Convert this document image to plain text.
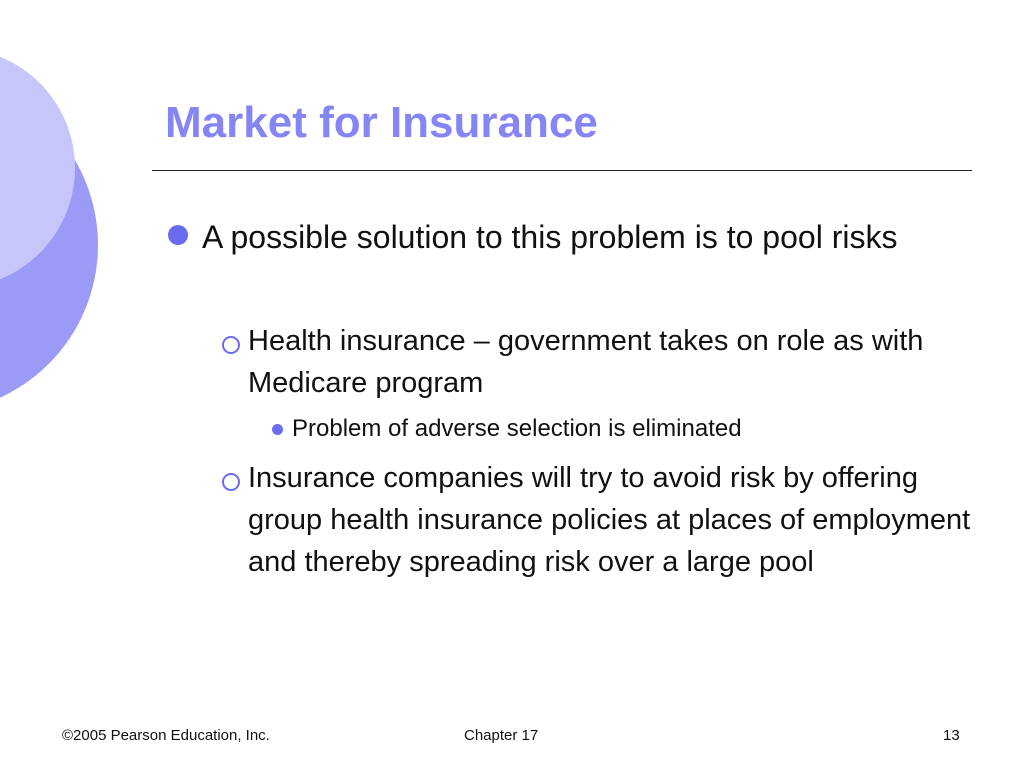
Market for Insurance

A possible solution to this problem is to pool risks

Health insurance – government takes on role as with Medicare program

Problem of adverse selection is eliminated

Insurance companies will try to avoid risk by offering group health insurance policies at places of employment and thereby spreading risk over a large pool

©2005 Pearson Education, Inc.	Chapter 17	13
